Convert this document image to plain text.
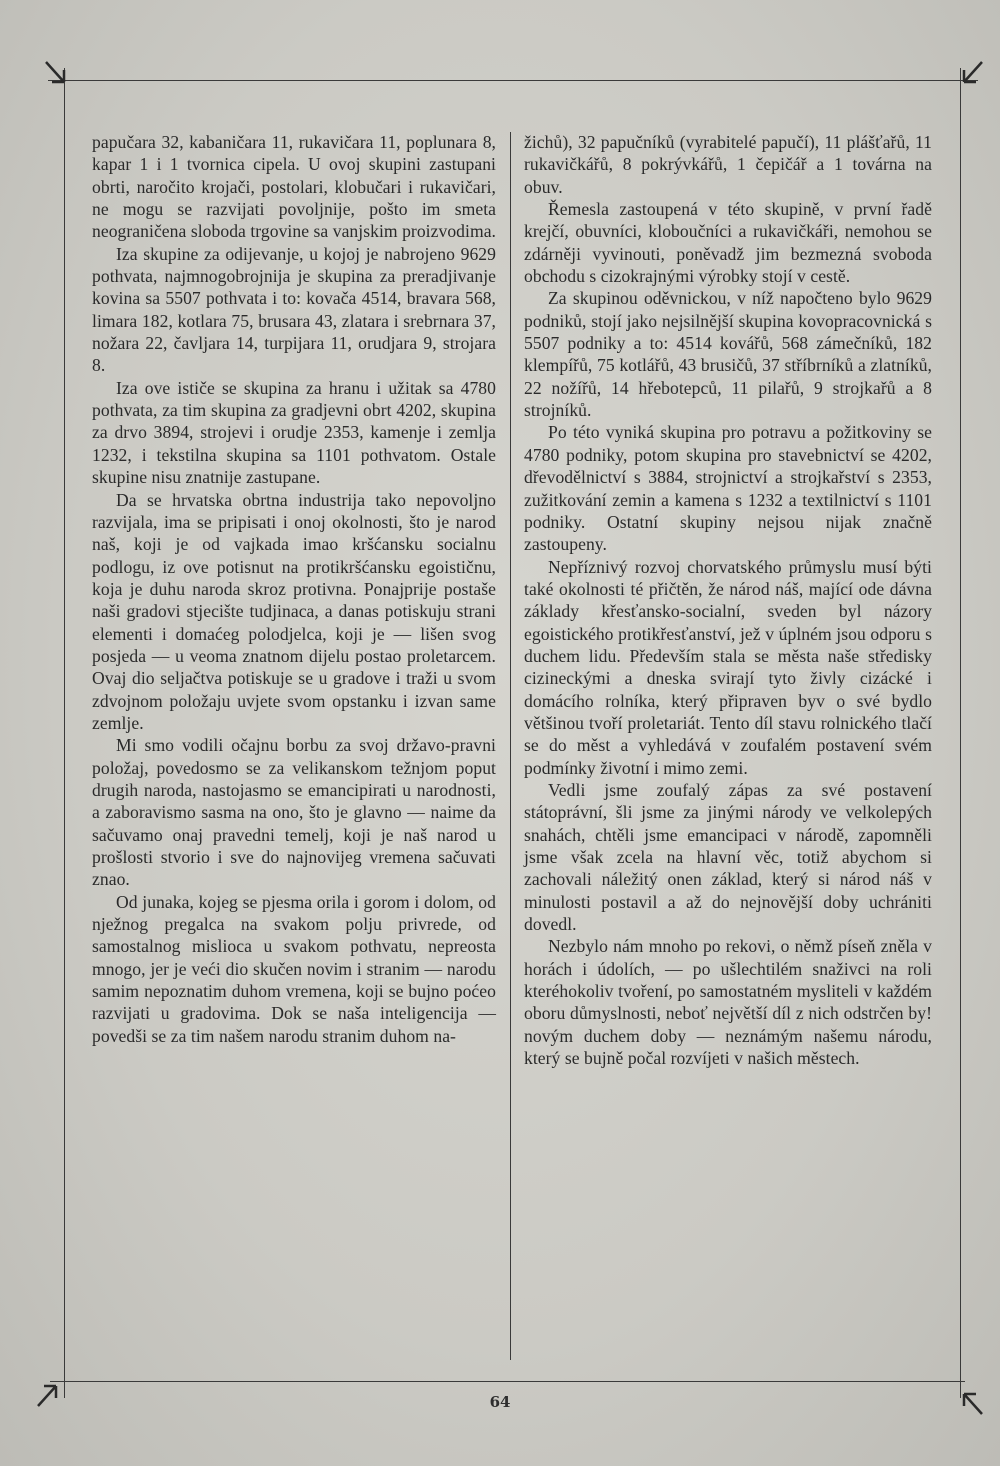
papučara 32, kabaničara 11, rukavičara 11, poplunara 8, kapar 1 i 1 tvornica cipela. U ovoj skupini zastupani obrti, naročito krojači, postolari, klobučari i rukavičari, ne mogu se razvijati povoljnije, pošto im smeta neograničena sloboda trgovine sa vanjskim proizvodima.

Iza skupine za odijevanje, u kojoj je nabrojeno 9629 pothvata, najmnogobrojnija je skupina za preradjivanje kovina sa 5507 pothvata i to: kovača 4514, bravara 568, limara 182, kotlara 75, brusara 43, zlatara i srebrnara 37, nožara 22, čavljara 14, turpijara 11, orudjara 9, strojara 8.

Iza ove ističe se skupina za hranu i užitak sa 4780 pothvata, za tim skupina za gradjevni obrt 4202, skupina za drvo 3894, strojevi i orudje 2353, kamenje i zemlja 1232, i tekstilna skupina sa 1101 pothvatom. Ostale skupine nisu znatnije zastupane.

Da se hrvatska obrtna industrija tako nepovoljno razvijala, ima se pripisati i onoj okolnosti, što je narod naš, koji je od vajkada imao kršćansku socialnu podlogu, iz ove potisnut na protikršćansku egoističnu, koja je duhu naroda skroz protivna. Ponajprije postaše naši gradovi stjecište tudjinaca, a danas potiskuju strani elementi i domaćeg polodjelca, koji je — lišen svog posjeda — u veoma znatnom dijelu postao proletarcem. Ovaj dio seljačtva potiskuje se u gradove i traži u svom zdvojnom položaju uvjete svom opstanku i izvan same zemlje.

Mi smo vodili očajnu borbu za svoj državo-pravni položaj, povedosmo se za velikanskom težnjom poput drugih naroda, nastojasmo se emancipirati u narodnosti, a zaboravismo sasma na ono, što je glavno — naime da sačuvamo onaj pravedni temelj, koji je naš narod u prošlosti stvorio i sve do najnovijeg vremena sačuvati znao.

Od junaka, kojeg se pjesma orila i gorom i dolom, od nježnog pregalca na svakom polju privrede, od samostalnog mislioca u svakom pothvatu, nepreosta mnogo, jer je veći dio skučen novim i stranim — narodu samim nepoznatim duhom vremena, koji se bujno poćeo razvijati u gradovima. Dok se naša inteligencija — povedši se za tim našem narodu stranim duhom na-

žichů), 32 papučníků (vyrabitelé papučí), 11 plášťařů, 11 rukavičkářů, 8 pokrývkářů, 1 čepičář a 1 továrna na obuv.

Řemesla zastoupená v této skupině, v první řadě krejčí, obuvníci, kloboučníci a rukavičkáři, nemohou se zdárněji vyvinouti, poněvadž jim bezmezná svoboda obchodu s cizokrajnými výrobky stojí v cestě.

Za skupinou oděvnickou, v níž napočteno bylo 9629 podniků, stojí jako nejsilnější skupina kovopracovnická s 5507 podniky a to: 4514 kovářů, 568 zámečníků, 182 klempířů, 75 kotlářů, 43 brusičů, 37 stříbrníků a zlatníků, 22 nožířů, 14 hřebotepců, 11 pilařů, 9 strojkařů a 8 strojníků.

Po této vyniká skupina pro potravu a požitkoviny se 4780 podniky, potom skupina pro stavebnictví se 4202, dřevodělnictví s 3884, strojnictví a strojkařství s 2353, zužitkování zemin a kamena s 1232 a textilnictví s 1101 podniky. Ostatní skupiny nejsou nijak značně zastoupeny.

Nepříznivý rozvoj chorvatského průmyslu musí býti také okolnosti té přičtěn, že národ náš, mající ode dávna základy křesťansko-socialní, sveden byl názory egoistického protikřesťanství, jež v úplném jsou odporu s duchem lidu. Především stala se města naše středisky cizineckými a dneska svirají tyto živly cizácké i domácího rolníka, který připraven byv o své bydlo většinou tvoří proletariát. Tento díl stavu rolnického tlačí se do měst a vyhledává v zoufalém postavení svém podmínky životní i mimo zemi.

Vedli jsme zoufalý zápas za své postavení státoprávní, šli jsme za jinými národy ve velkolepých snahách, chtěli jsme emancipaci v národě, zapomněli jsme však zcela na hlavní věc, totiž abychom si zachovali náležitý onen základ, který si národ náš v minulosti postavil a až do nejnovější doby uchrániti dovedl.

Nezbylo nám mnoho po rekovi, o němž píseň zněla v horách i údolích, — po ušlechtilém snaživci na roli kteréhokoliv tvoření, po samostatném mysliteli v každém oboru důmyslnosti, neboť největší díl z nich odstrčen by! novým duchem doby — neznámým našemu národu, který se bujně počal rozvíjeti v našich městech.

64
